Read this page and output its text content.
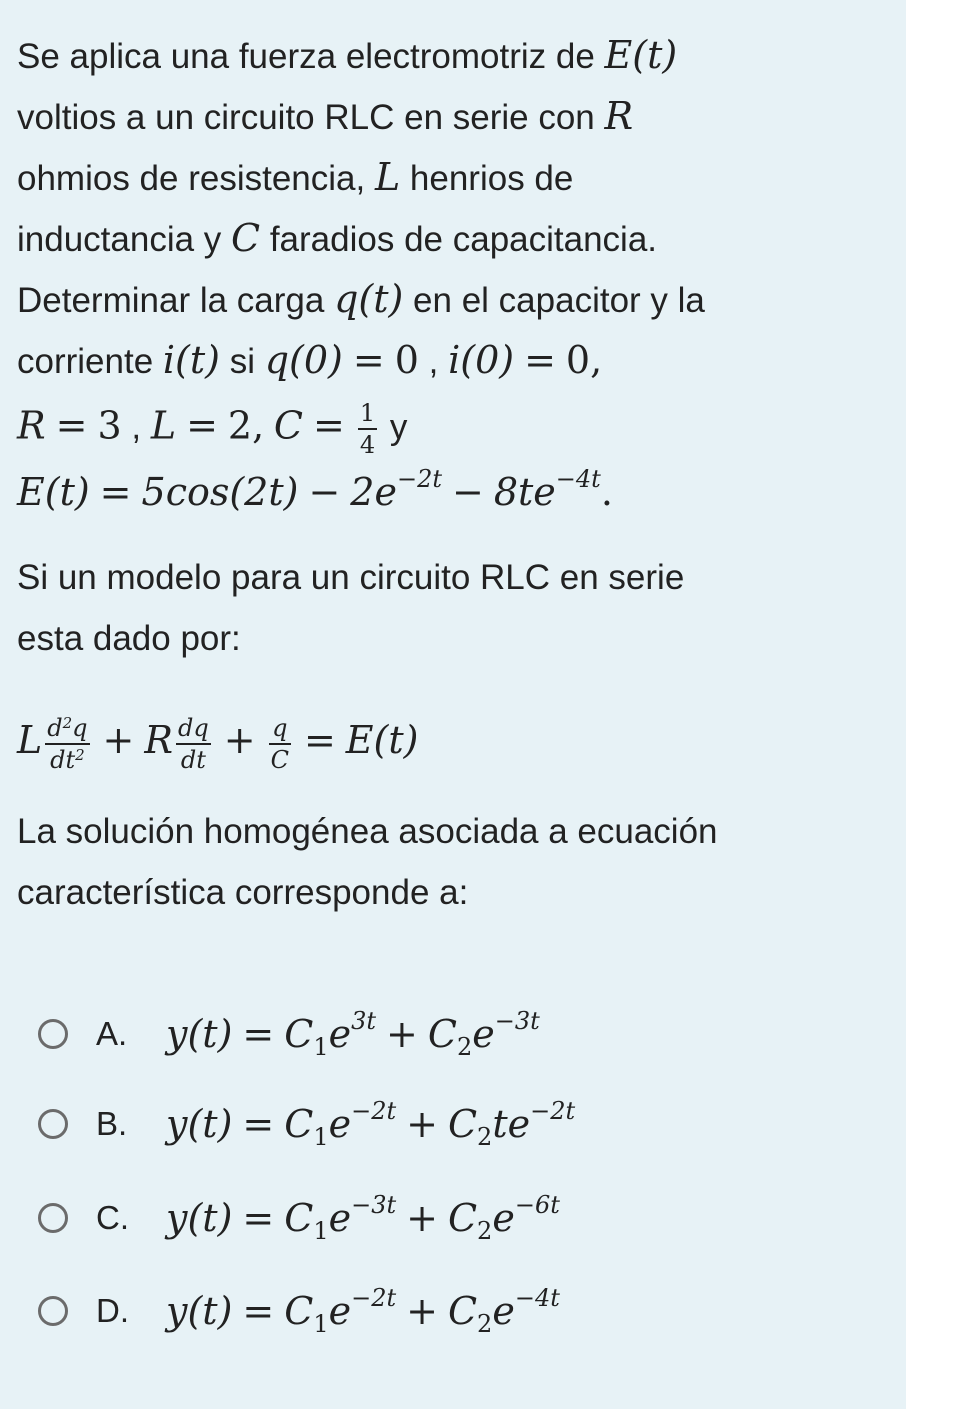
Se aplica una fuerza electromotriz de E(t)
voltios a un circuito RLC en serie con R
ohmios de resistencia, L henrios de
inductancia y C faradios de capacitancia.
Determinar la carga q(t) en el capacitor y la
corriente i(t) si q(0) = 0 , i(0) = 0,
R = 3 , L = 2, $C = \frac{1}{4}$ y
$E(t) = 5\cos(2t) - 2e^{-2t} - 8te^{-4t}$.
Si un modelo para un circuito RLC en serie
esta dado por:
L $\frac{d^2q}{dt^2} + R \frac{dq}{dt} + \frac{q}{C} = E(t)$
La solución homogénea asociada a ecuación
característica corresponde a:
A.	$y(t) = C_1e^{3t} + C_2e^{-3t}$
B.	$y(t) = C_1e^{-2t} + C_2te^{-2t}$
C. $y(t) = C_1e^{-3t} + C_2e^{-6t}$
D. $y(t) = C_1e^{-2t} + C_2e^{-4t}$
